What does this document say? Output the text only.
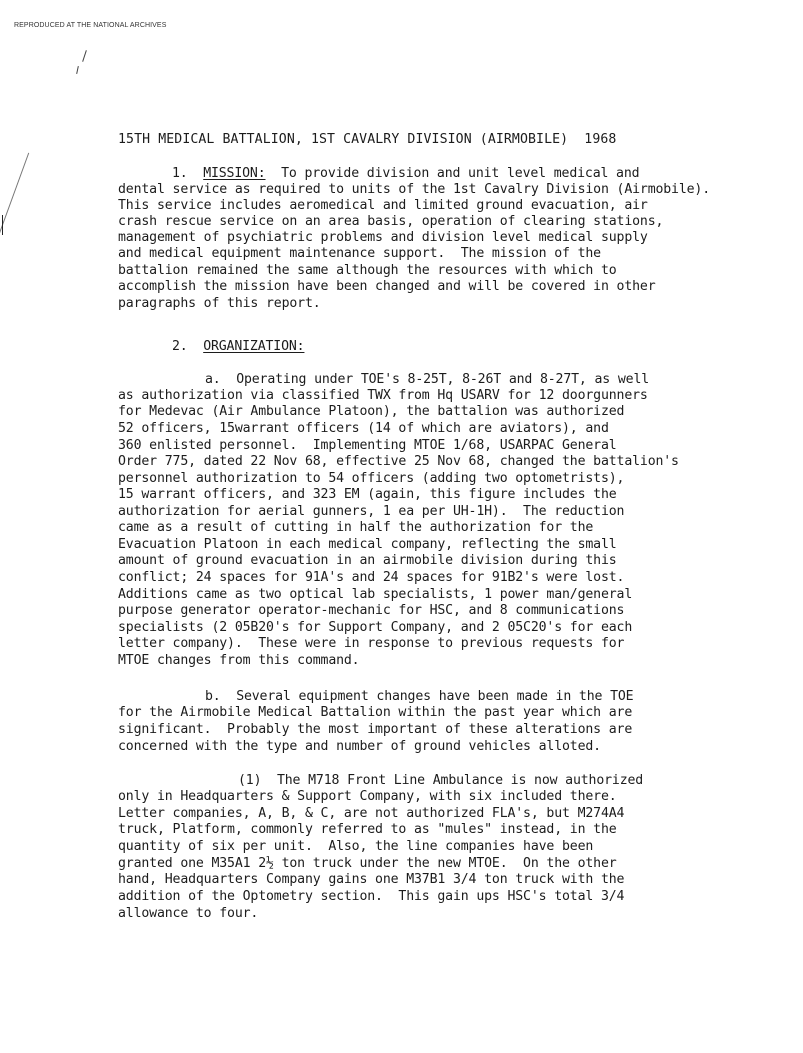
REPRODUCED AT THE NATIONAL ARCHIVES
15TH MEDICAL BATTALION, 1ST CAVALRY DIVISION (AIRMOBILE)  1968
1. MISSION: To provide division and unit level medical and
dental service as required to units of the 1st Cavalry Division (Airmobile).
This service includes aeromedical and limited ground evacuation, air
crash rescue service on an area basis, operation of clearing stations,
management of psychiatric problems and division level medical supply
and medical equipment maintenance support.  The mission of the
battalion remained the same although the resources with which to
accomplish the mission have been changed and will be covered in other
paragraphs of this report.
2. ORGANIZATION:
a. Operating under TOE's 8-25T, 8-26T and 8-27T, as well
as authorization via classified TWX from Hq USARV for 12 doorgunners
for Medevac (Air Ambulance Platoon), the battalion was authorized
52 officers, 15warrant officers (14 of which are aviators), and
360 enlisted personnel.  Implementing MTOE 1/68, USARPAC General
Order 775, dated 22 Nov 68, effective 25 Nov 68, changed the battalion's
personnel authorization to 54 officers (adding two optometrists),
15 warrant officers, and 323 EM (again, this figure includes the
authorization for aerial gunners, 1 ea per UH-1H).  The reduction
came as a result of cutting in half the authorization for the
Evacuation Platoon in each medical company, reflecting the small
amount of ground evacuation in an airmobile division during this
conflict; 24 spaces for 91A's and 24 spaces for 91B2's were lost.
Additions came as two optical lab specialists, 1 power man/general
purpose generator operator-mechanic for HSC, and 8 communications
specialists (2 05B20's for Support Company, and 2 05C20's for each
letter company).  These were in response to previous requests for
MTOE changes from this command.
b. Several equipment changes have been made in the TOE
for the Airmobile Medical Battalion within the past year which are
significant.  Probably the most important of these alterations are
concerned with the type and number of ground vehicles alloted.
(1) The M718 Front Line Ambulance is now authorized
only in Headquarters & Support Company, with six included there.
Letter companies, A, B, & C, are not authorized FLA's, but M274A4
truck, Platform, commonly referred to as "mules" instead, in the
quantity of six per unit.  Also, the line companies have been
granted one M35A1 2½ ton truck under the new MTOE.  On the other
hand, Headquarters Company gains one M37B1 3/4 ton truck with the
addition of the Optometry section.  This gain ups HSC's total 3/4
allowance to four.
